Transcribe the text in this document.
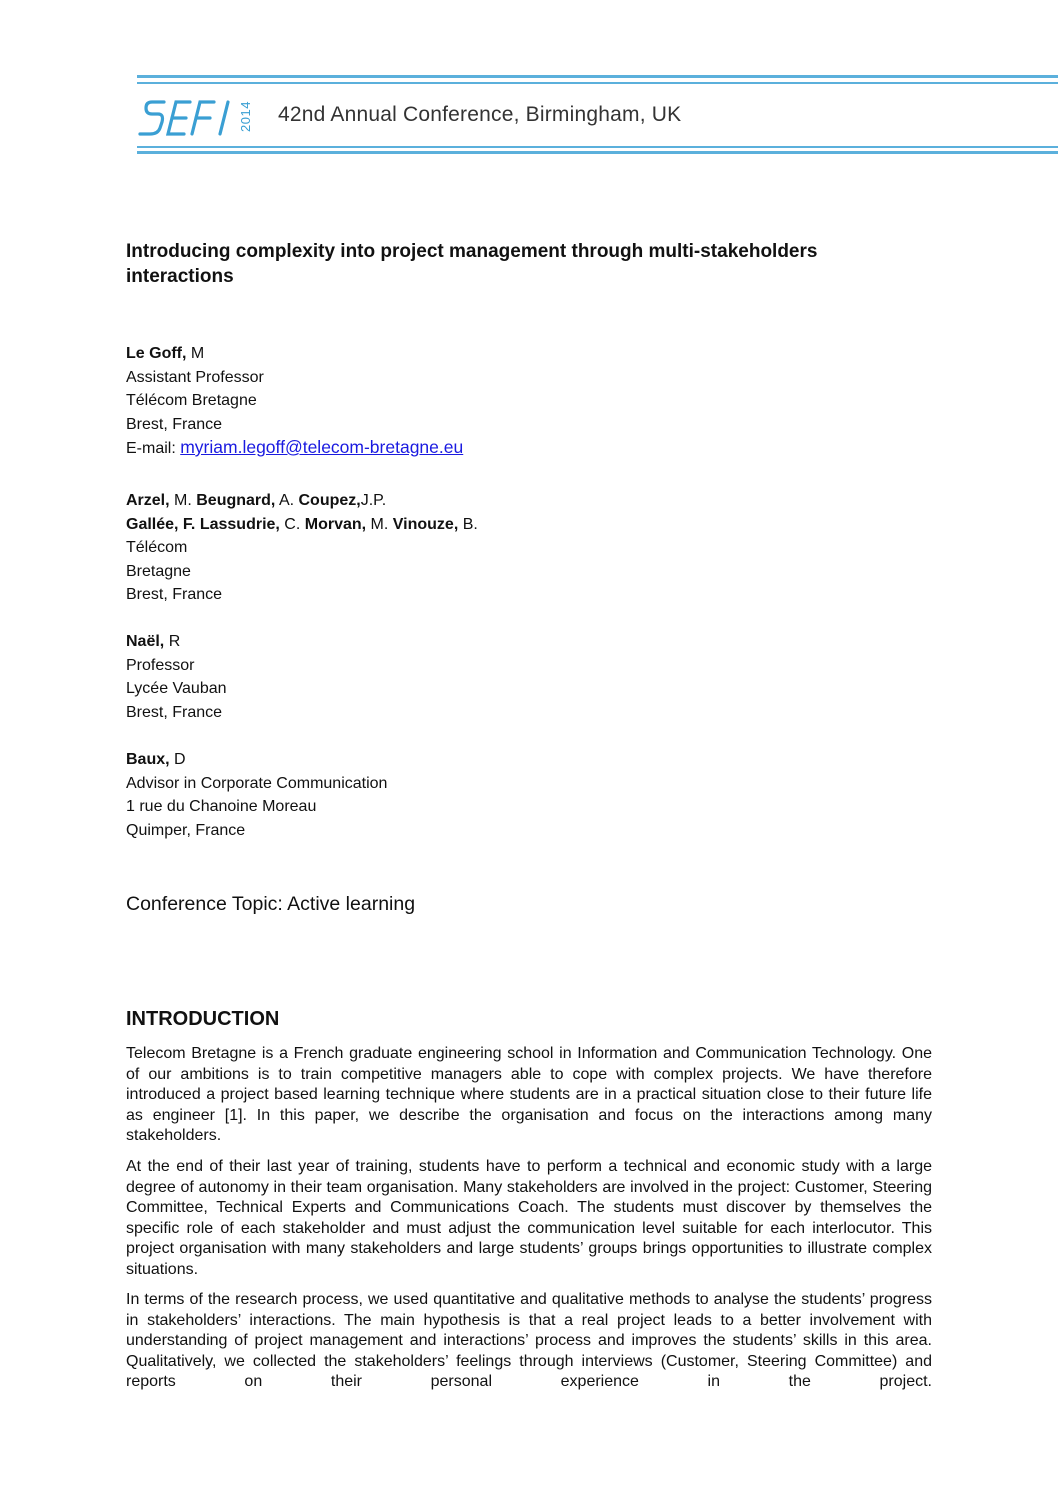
2014 42nd Annual Conference, Birmingham, UK
Introducing complexity into project management through multi-stakeholders interactions
Le Goff, M
Assistant Professor
Télécom Bretagne
Brest, France
E-mail: myriam.legoff@telecom-bretagne.eu
Arzel, M. Beugnard, A. Coupez,J.P.
Gallée, F. Lassudrie, C. Morvan, M. Vinouze, B.
Télécom
Bretagne
Brest, France
Naël, R
Professor
Lycée Vauban
Brest, France
Baux, D
Advisor in Corporate Communication
1 rue du Chanoine Moreau
Quimper, France
Conference Topic: Active learning
INTRODUCTION

Telecom Bretagne is a French graduate engineering school in Information and Communication Technology. One of our ambitions is to train competitive managers able to cope with complex projects. We have therefore introduced a project based learning technique where students are in a practical situation close to their future life as engineer [1]. In this paper, we describe the organisation and focus on the interactions among many stakeholders.

At the end of their last year of training, students have to perform a technical and economic study with a large degree of autonomy in their team organisation. Many stakeholders are involved in the project: Customer, Steering Committee, Technical Experts and Communications Coach. The students must discover by themselves the specific role of each stakeholder and must adjust the communication level suitable for each interlocutor. This project organisation with many stakeholders and large students’ groups brings opportunities to illustrate complex situations.

In terms of the research process, we used quantitative and qualitative methods to analyse the students’ progress in stakeholders’ interactions. The main hypothesis is that a real project leads to a better involvement with understanding of project management and interactions’ process and improves the students’ skills in this area. Qualitatively, we collected the stakeholders’ feelings through interviews (Customer, Steering Committee) and reports on their personal experience in the project.
